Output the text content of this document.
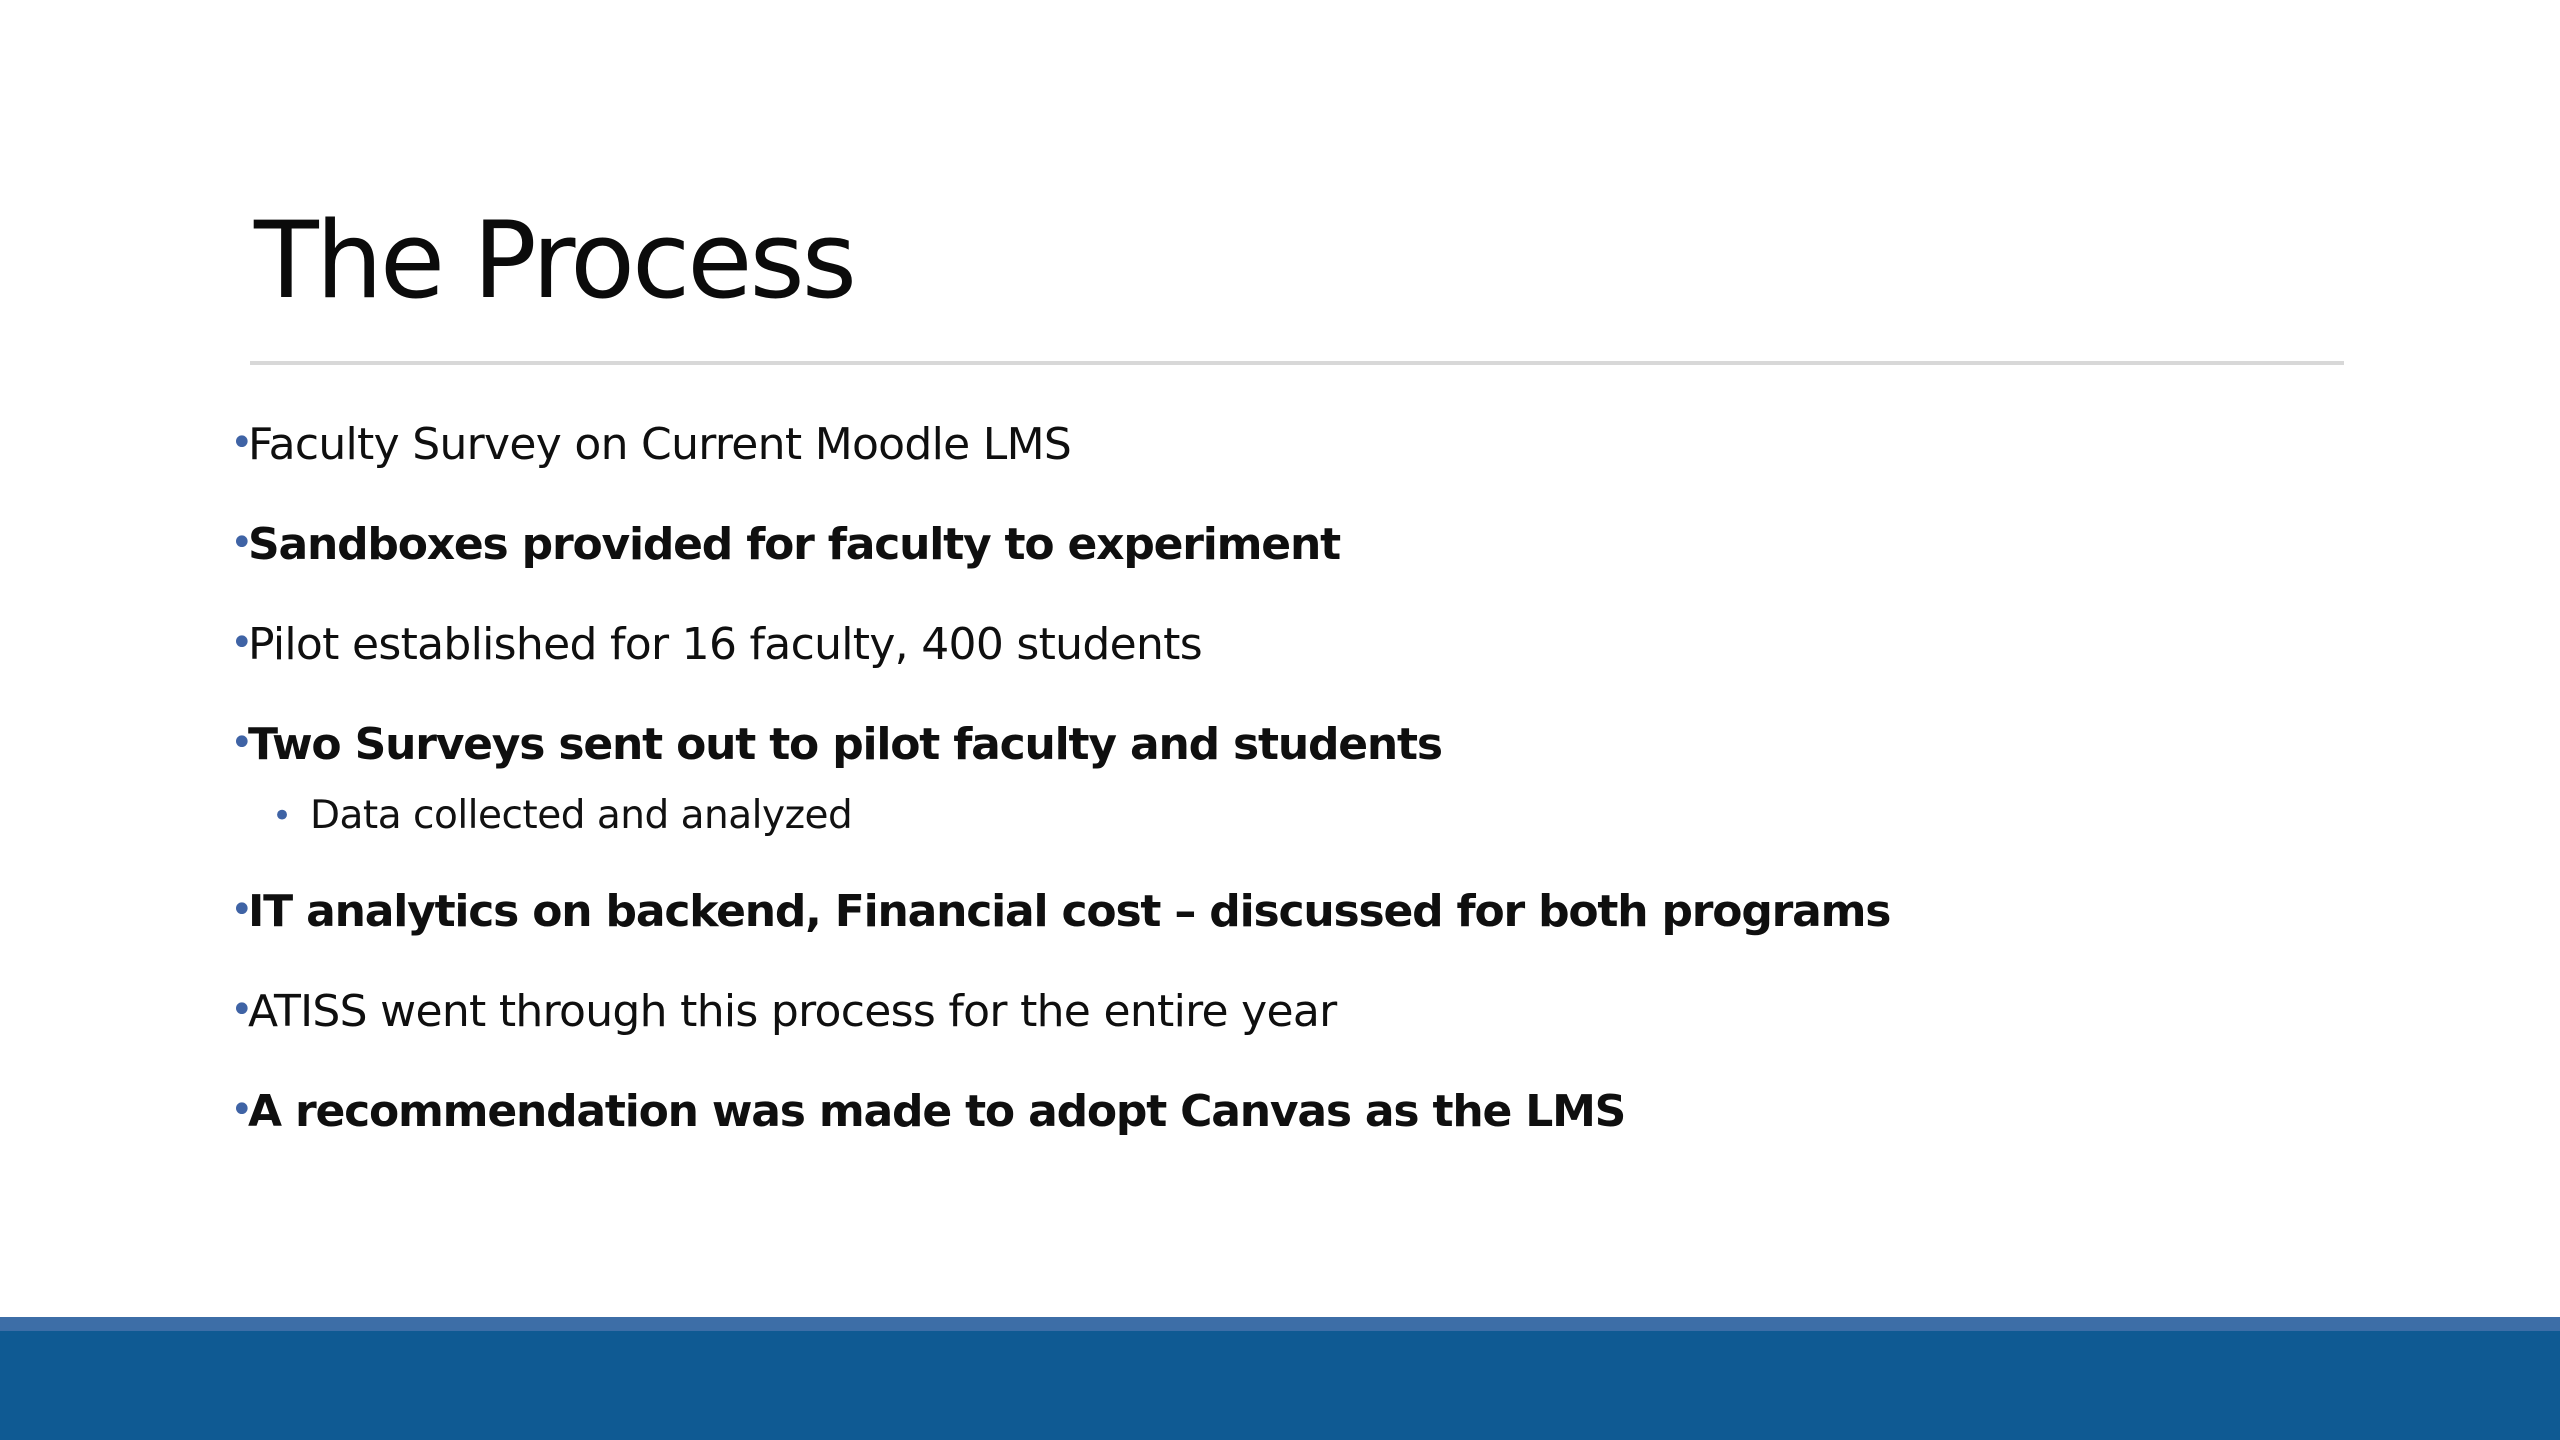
The Process
•
Faculty Survey on Current Moodle LMS
•
Sandboxes provided for faculty to experiment
•
Pilot established for 16 faculty, 400 students
•
Two Surveys sent out to pilot faculty and students
• Data collected and analyzed
•
IT analytics on backend, Financial cost – discussed for both programs
•
ATISS went through this process for the entire year
•
A recommendation was made to adopt Canvas as the LMS
